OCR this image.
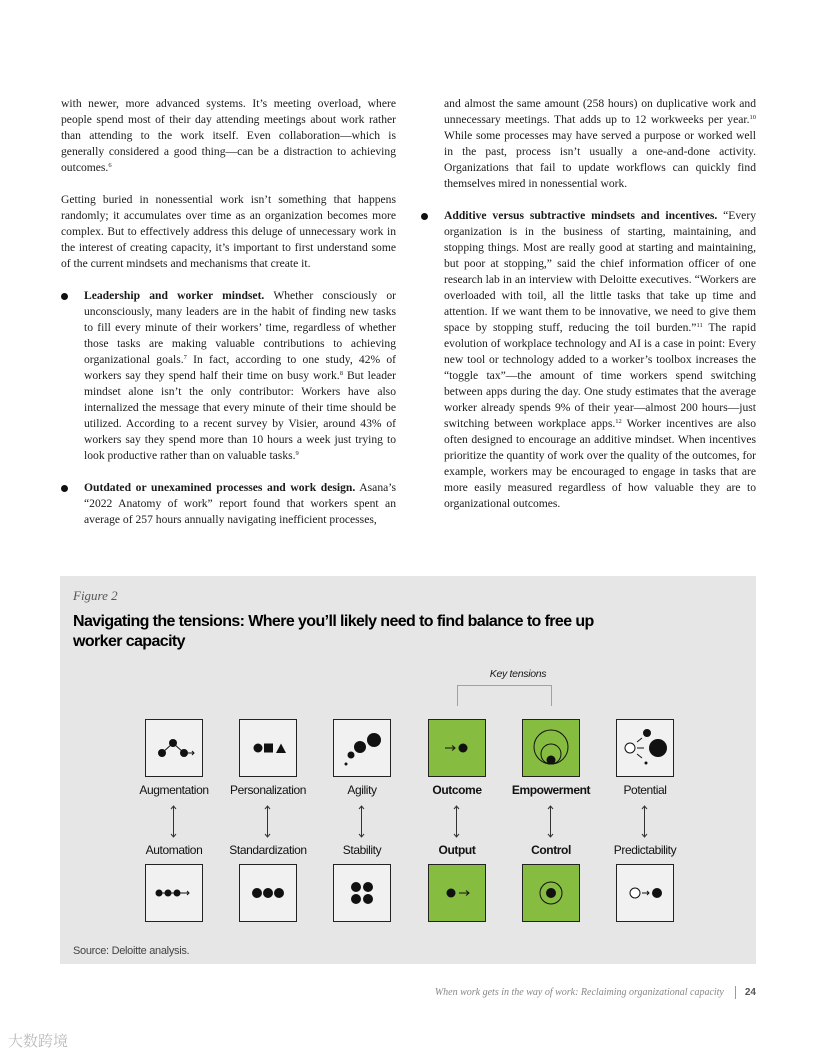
with newer, more advanced systems. It’s meeting overload, where people spend most of their day attending meetings about work rather than attending to the work itself. Even collaboration—which is generally considered a good thing—can be a distraction to achieving outcomes.$^6$

Getting buried in nonessential work isn’t something that happens randomly; it accumulates over time as an organization becomes more complex. But to effectively address this deluge of unnecessary work in the interest of creating capacity, it’s important to first understand some of the current mindsets and mechanisms that create it.

Leadership and worker mindset. Whether consciously or unconsciously, many leaders are in the habit of finding new tasks to fill every minute of their workers’ time, regardless of whether those tasks are making valuable contributions to achieving organizational goals.$^7$ In fact, according to one study, 42% of workers say they spend half their time on busy work.$^8$ But leader mindset alone isn’t the only contributor: Workers have also internalized the message that every minute of their time should be utilized. According to a recent survey by Visier, around 43% of workers say they spend more than 10 hours a week just trying to look productive rather than on valuable tasks.$^9$
Outdated or unexamined processes and work design. Asana’s “2022 Anatomy of work” report found that workers spent an average of 257 hours annually navigating inefficient processes,

and almost the same amount (258 hours) on duplicative work and unnecessary meetings. That adds up to 12 workweeks per year.$^{10}$ While some processes may have served a purpose or worked well in the past, process isn’t usually a one-and-done activity. Organizations that fail to update workflows can quickly find themselves mired in nonessential work.

Additive versus subtractive mindsets and incentives. “Every organization is in the business of starting, maintaining, and stopping things. Most are really good at starting and maintaining, but poor at stopping,” said the chief information officer of one research lab in an interview with Deloitte executives. “Workers are overloaded with toil, all the little tasks that take up time and attention. If we want them to be innovative, we need to give them space by stopping stuff, reducing the toil burden.”$^{11}$ The rapid evolution of workplace technology and AI is a case in point: Every new tool or technology added to a worker’s toolbox increases the “toggle tax”—the amount of time workers spend switching between apps during the day. One study estimates that the average worker already spends 9% of their year—almost 200 hours—just switching between workplace apps.$^{12}$ Worker incentives are also often designed to encourage an additive mindset. When incentives prioritize the quantity of work over the quality of the outcomes, for example, workers may be encouraged to engage in tasks that are more easily measured regardless of how valuable they are to organizational outcomes.
Figure 2
Navigating the tensions: Where you’ll likely need to find balance to free up worker capacity
Key tensions
Augmentation
Automation
Personalization
Standardization
Agility
Stability
Outcome
Output
Empowerment
Control
Potential
Predictability
Source: Deloitte analysis.
When work gets in the way of work: Reclaiming organizational capacity 24
大数跨境
